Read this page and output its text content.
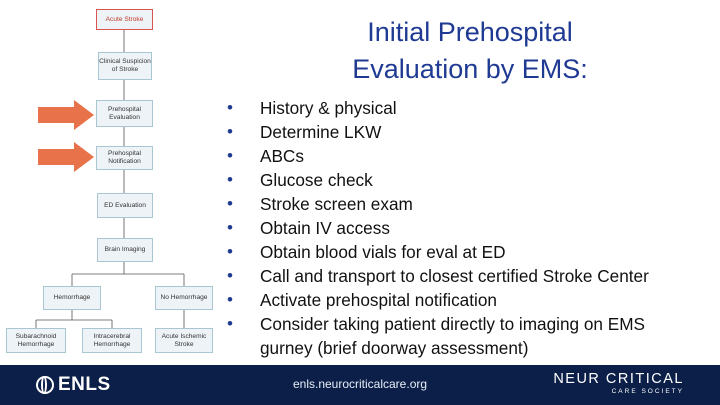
Acute Stroke
Clinical Suspicion of Stroke
Prehospital Evaluation
Prehospital Notification
ED Evaluation
Brain Imaging
Hemorrhage	No Hemorrhage
Subarachnoid Hemorrhage
Intracerebral Hemorrhage
Acute Ischemic Stroke
Initial Prehospital
Evaluation by EMS:
• History & physical
• Determine LKW
• ABCs
• Glucose check
• Stroke screen exam
• Obtain IV access
• Obtain blood vials for eval at ED
• Call and transport to closest certified Stroke Center
• Activate prehospital notification
• Consider taking patient directly to imaging on EMS
gurney (brief doorway assessment)
ENLS	enls.neurocriticalcare.org	NEUR CRITICAL
CARE SOCIETY
